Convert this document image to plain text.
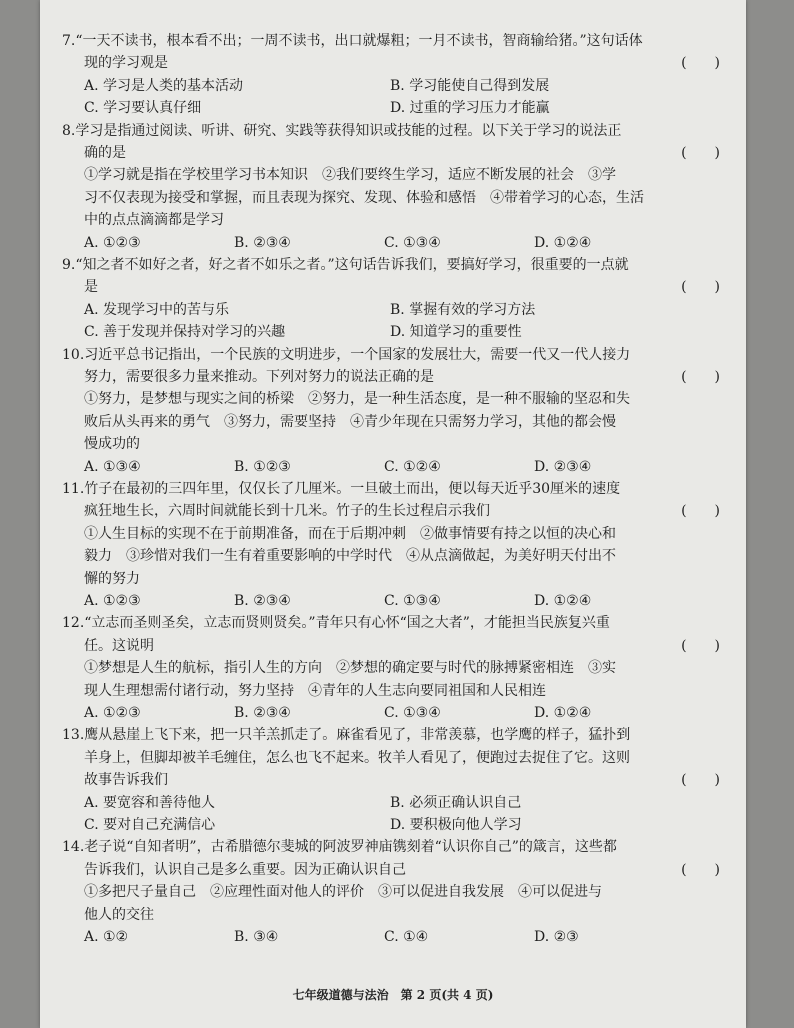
7.“一天不读书，根本看不出；一周不读书，出口就爆粗；一月不读书，智商输给猪。”这句话体
现的学习观是	(　　)
A. 学习是人类的基本活动	B. 学习能使自己得到发展
C. 学习要认真仔细	D. 过重的学习压力才能赢
8.学习是指通过阅读、听讲、研究、实践等获得知识或技能的过程。以下关于学习的说法正
确的是	(　　)
①学习就是指在学校里学习书本知识　②我们要终生学习，适应不断发展的社会　③学
习不仅表现为接受和掌握，而且表现为探究、发现、体验和感悟　④带着学习的心态，生活
中的点点滴滴都是学习
A. ①②③	B. ②③④	C. ①③④	D. ①②④
9.“知之者不如好之者，好之者不如乐之者。”这句话告诉我们，要搞好学习，很重要的一点就
是	(　　)
A. 发现学习中的苦与乐	B. 掌握有效的学习方法
C. 善于发现并保持对学习的兴趣	D. 知道学习的重要性
10.习近平总书记指出，一个民族的文明进步，一个国家的发展壮大，需要一代又一代人接力
努力，需要很多力量来推动。下列对努力的说法正确的是	(　　)
①努力，是梦想与现实之间的桥梁　②努力，是一种生活态度，是一种不服输的坚忍和失
败后从头再来的勇气　③努力，需要坚持　④青少年现在只需努力学习，其他的都会慢
慢成功的
A. ①③④	B. ①②③	C. ①②④	D. ②③④
11.竹子在最初的三四年里，仅仅长了几厘米。一旦破土而出，便以每天近乎30厘米的速度
疯狂地生长，六周时间就能长到十几米。竹子的生长过程启示我们	(　　)
①人生目标的实现不在于前期准备，而在于后期冲刺　②做事情要有持之以恒的决心和
毅力　③珍惜对我们一生有着重要影响的中学时代　④从点滴做起，为美好明天付出不
懈的努力
A. ①②③	B. ②③④	C. ①③④	D. ①②④
12.“立志而圣则圣矣，立志而贤则贤矣。”青年只有心怀“国之大者”，才能担当民族复兴重
任。这说明	(　　)
①梦想是人生的航标，指引人生的方向　②梦想的确定要与时代的脉搏紧密相连　③实
现人生理想需付诸行动，努力坚持　④青年的人生志向要同祖国和人民相连
A. ①②③	B. ②③④	C. ①③④	D. ①②④
13.鹰从悬崖上飞下来，把一只羊羔抓走了。麻雀看见了，非常羡慕，也学鹰的样子，猛扑到
羊身上，但脚却被羊毛缠住，怎么也飞不起来。牧羊人看见了，便跑过去捉住了它。这则
故事告诉我们	(　　)
A. 要宽容和善待他人	B. 必须正确认识自己
C. 要对自己充满信心	D. 要积极向他人学习
14.老子说“自知者明”，古希腊德尔斐城的阿波罗神庙镌刻着“认识你自己”的箴言，这些都
告诉我们，认识自己是多么重要。因为正确认识自己	(　　)
①多把尺子量自己　②应理性面对他人的评价　③可以促进自我发展　④可以促进与
他人的交往
A. ①②	B. ③④	C. ①④	D. ②③
七年级道德与法治　第 2 页(共 4 页)
